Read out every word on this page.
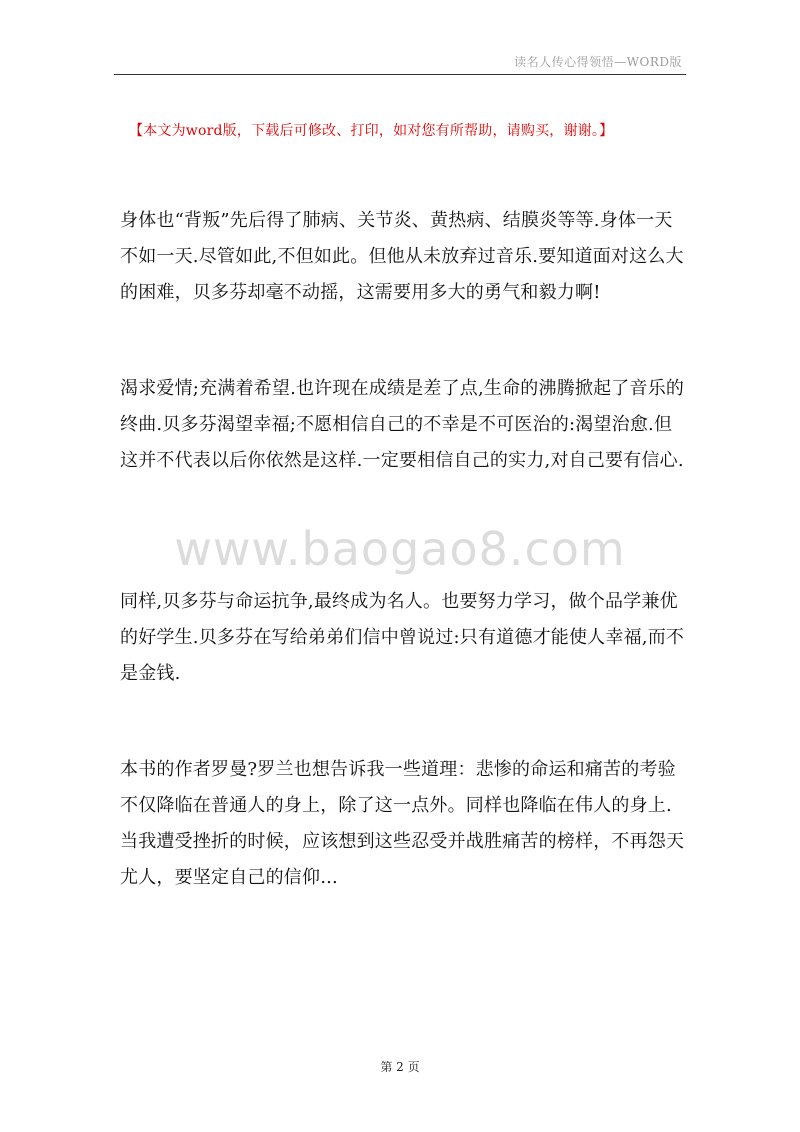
读名人传心得领悟—WORD版
【本文为word版，下载后可修改、打印，如对您有所帮助，请购买，谢谢。】

身体也“背叛”先后得了肺病、关节炎、黄热病、结膜炎等等.身体一天不如一天.尽管如此,不但如此。但他从未放弃过音乐.要知道面对这么大的困难，贝多芬却毫不动摇，这需要用多大的勇气和毅力啊!

渴求爱情;充满着希望.也许现在成绩是差了点,生命的沸腾掀起了音乐的终曲.贝多芬渴望幸福;不愿相信自己的不幸是不可医治的:渴望治愈.但这并不代表以后你依然是这样.一定要相信自己的实力,对自己要有信心.

www.baogao8.com

同样,贝多芬与命运抗争,最终成为名人。也要努力学习，做个品学兼优的好学生.贝多芬在写给弟弟们信中曾说过:只有道德才能使人幸福,而不是金钱.

本书的作者罗曼?罗兰也想告诉我一些道理：悲惨的命运和痛苦的考验不仅降临在普通人的身上，除了这一点外。同样也降临在伟人的身上.当我遭受挫折的时候，应该想到这些忍受并战胜痛苦的榜样，不再怨天尤人，要坚定自己的信仰...

第 2 页
